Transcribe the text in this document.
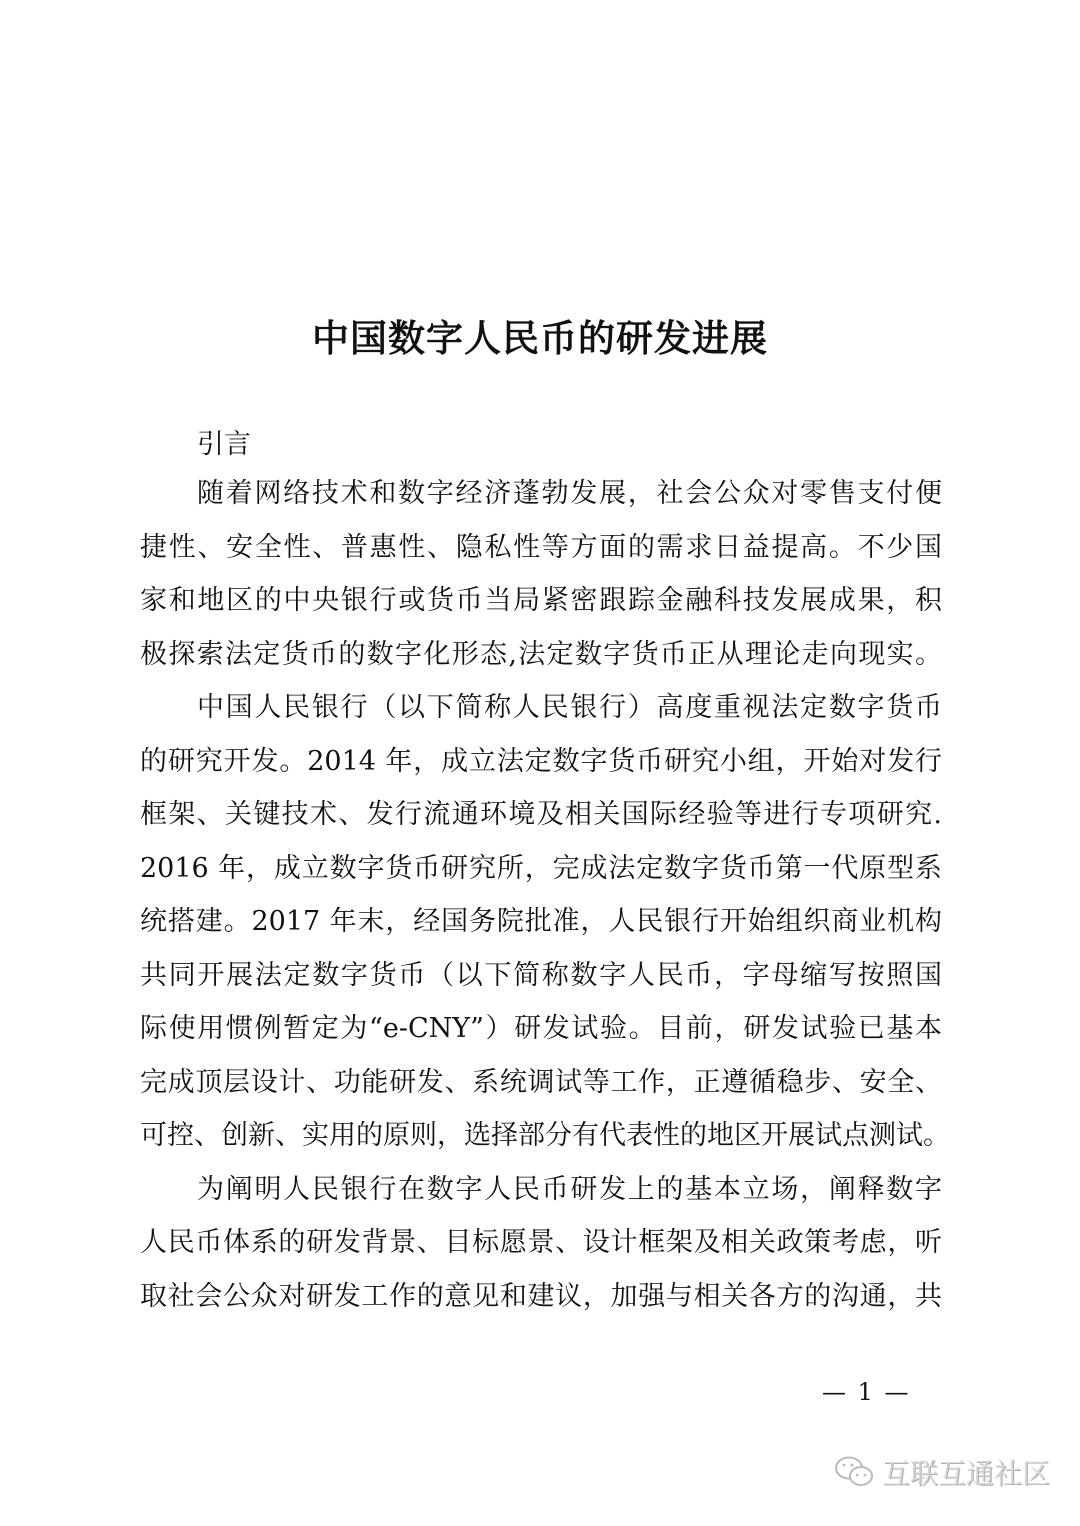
中国数字人民币的研发进展
引言
随着网络技术和数字经济蓬勃发展，社会公众对零售支付便
捷性、安全性、普惠性、隐私性等方面的需求日益提高。不少国
家和地区的中央银行或货币当局紧密跟踪金融科技发展成果，积
极探索法定货币的数字化形态,法定数字货币正从理论走向现实。
中国人民银行（以下简称人民银行）高度重视法定数字货币
的研究开发。2014 年，成立法定数字货币研究小组，开始对发行
框架、关键技术、发行流通环境及相关国际经验等进行专项研究.
2016 年，成立数字货币研究所，完成法定数字货币第一代原型系
统搭建。2017 年末，经国务院批准，人民银行开始组织商业机构
共同开展法定数字货币（以下简称数字人民币，字母缩写按照国
际使用惯例暂定为“e-CNY”）研发试验。目前，研发试验已基本
完成顶层设计、功能研发、系统调试等工作，正遵循稳步、安全、
可控、创新、实用的原则，选择部分有代表性的地区开展试点测试。
为阐明人民银行在数字人民币研发上的基本立场，阐释数字
人民币体系的研发背景、目标愿景、设计框架及相关政策考虑，听
取社会公众对研发工作的意见和建议，加强与相关各方的沟通，共
— 1 —
互联互通社区
